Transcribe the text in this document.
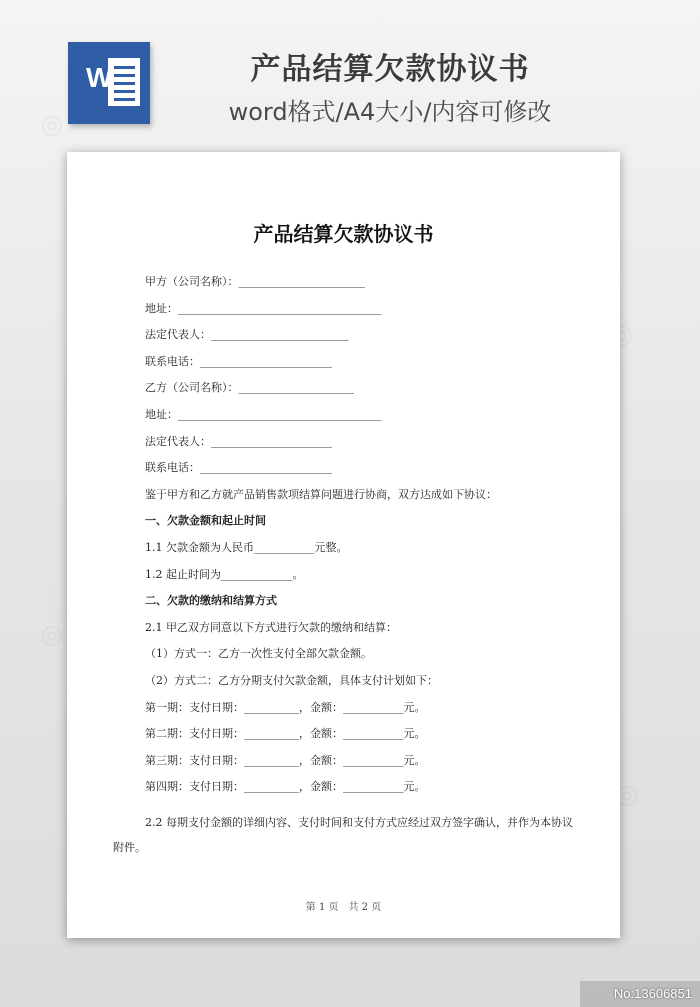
W	产品结算欠款协议书
word格式/A4大小/内容可修改
产品结算欠款协议书
甲方（公司名称）：_______________________
地址：_____________________________________
法定代表人：_________________________
联系电话：________________________
乙方（公司名称）：_____________________
地址：_____________________________________
法定代表人：______________________
联系电话：________________________
鉴于甲方和乙方就产品销售款项结算问题进行协商，双方达成如下协议：
一、欠款金额和起止时间
1.1 欠款金额为人民币___________元整。
1.2 起止时间为_____________。
二、欠款的缴纳和结算方式
2.1 甲乙双方同意以下方式进行欠款的缴纳和结算：
（1）方式一：乙方一次性支付全部欠款金额。
（2）方式二：乙方分期支付欠款金额，具体支付计划如下：
第一期：支付日期：__________，金额：___________元。
第二期：支付日期：__________，金额：___________元。
第三期：支付日期：__________，金额：___________元。
第四期：支付日期：__________，金额：___________元。
2.2 每期支付金额的详细内容、支付时间和支付方式应经过双方签字确认，并作为本协议
附件。
第 1 页　共 2 页
No:13606851
